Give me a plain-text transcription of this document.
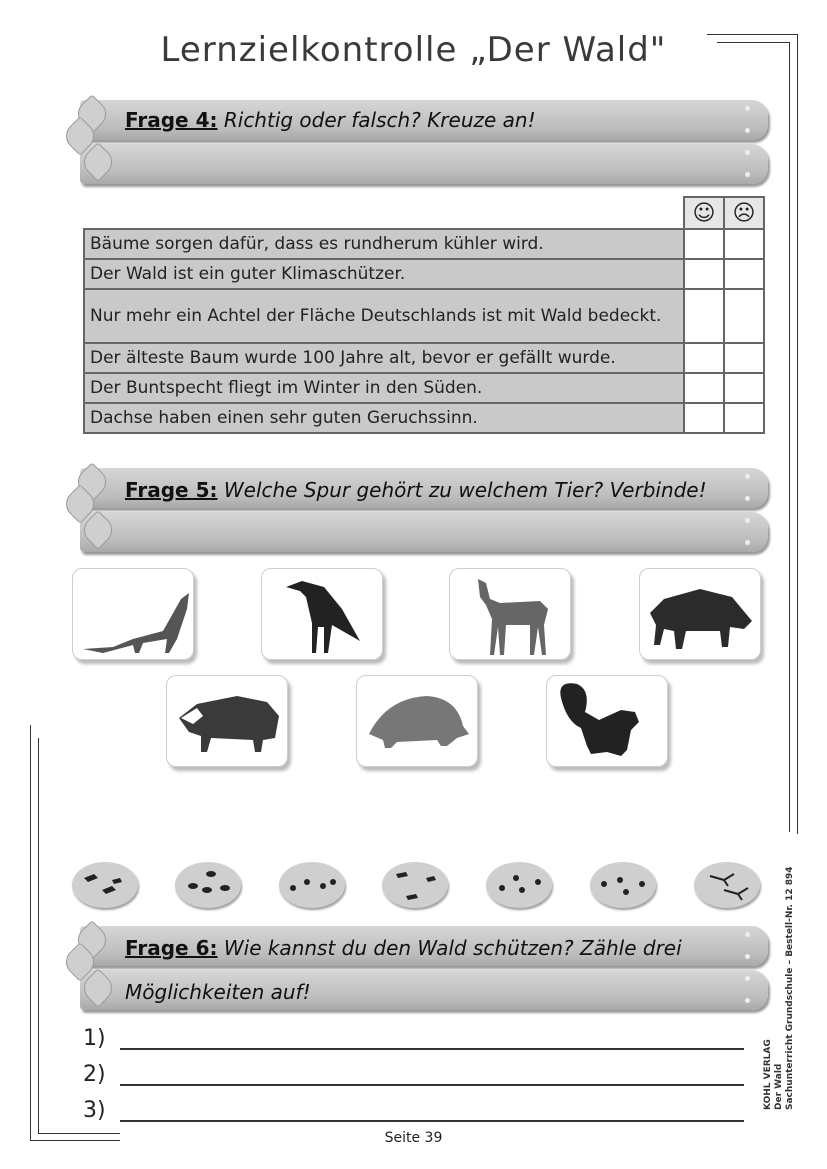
Lernzielkontrolle „Der Wald"
Frage 4: Richtig oder falsch? Kreuze an!
	☺	☹
Bäume sorgen dafür, dass es rundherum kühler wird.		
Der Wald ist ein guter Klimaschützer.		
Nur mehr ein Achtel der Fläche Deutschlands ist mit Wald bedeckt.		
Der älteste Baum wurde 100 Jahre alt, bevor er gefällt wurde.		
Der Buntspecht fliegt im Winter in den Süden.		
Dachse haben einen sehr guten Geruchssinn.		
Frage 5: Welche Spur gehört zu welchem Tier? Verbinde!
Frage 6: Wie kannst du den Wald schützen? Zähle drei
Möglichkeiten auf!
1)
2)
3)
KOHL VERLAG Der Wald Sachunterricht Grundschule – Bestell-Nr. 12 894
Seite 39
